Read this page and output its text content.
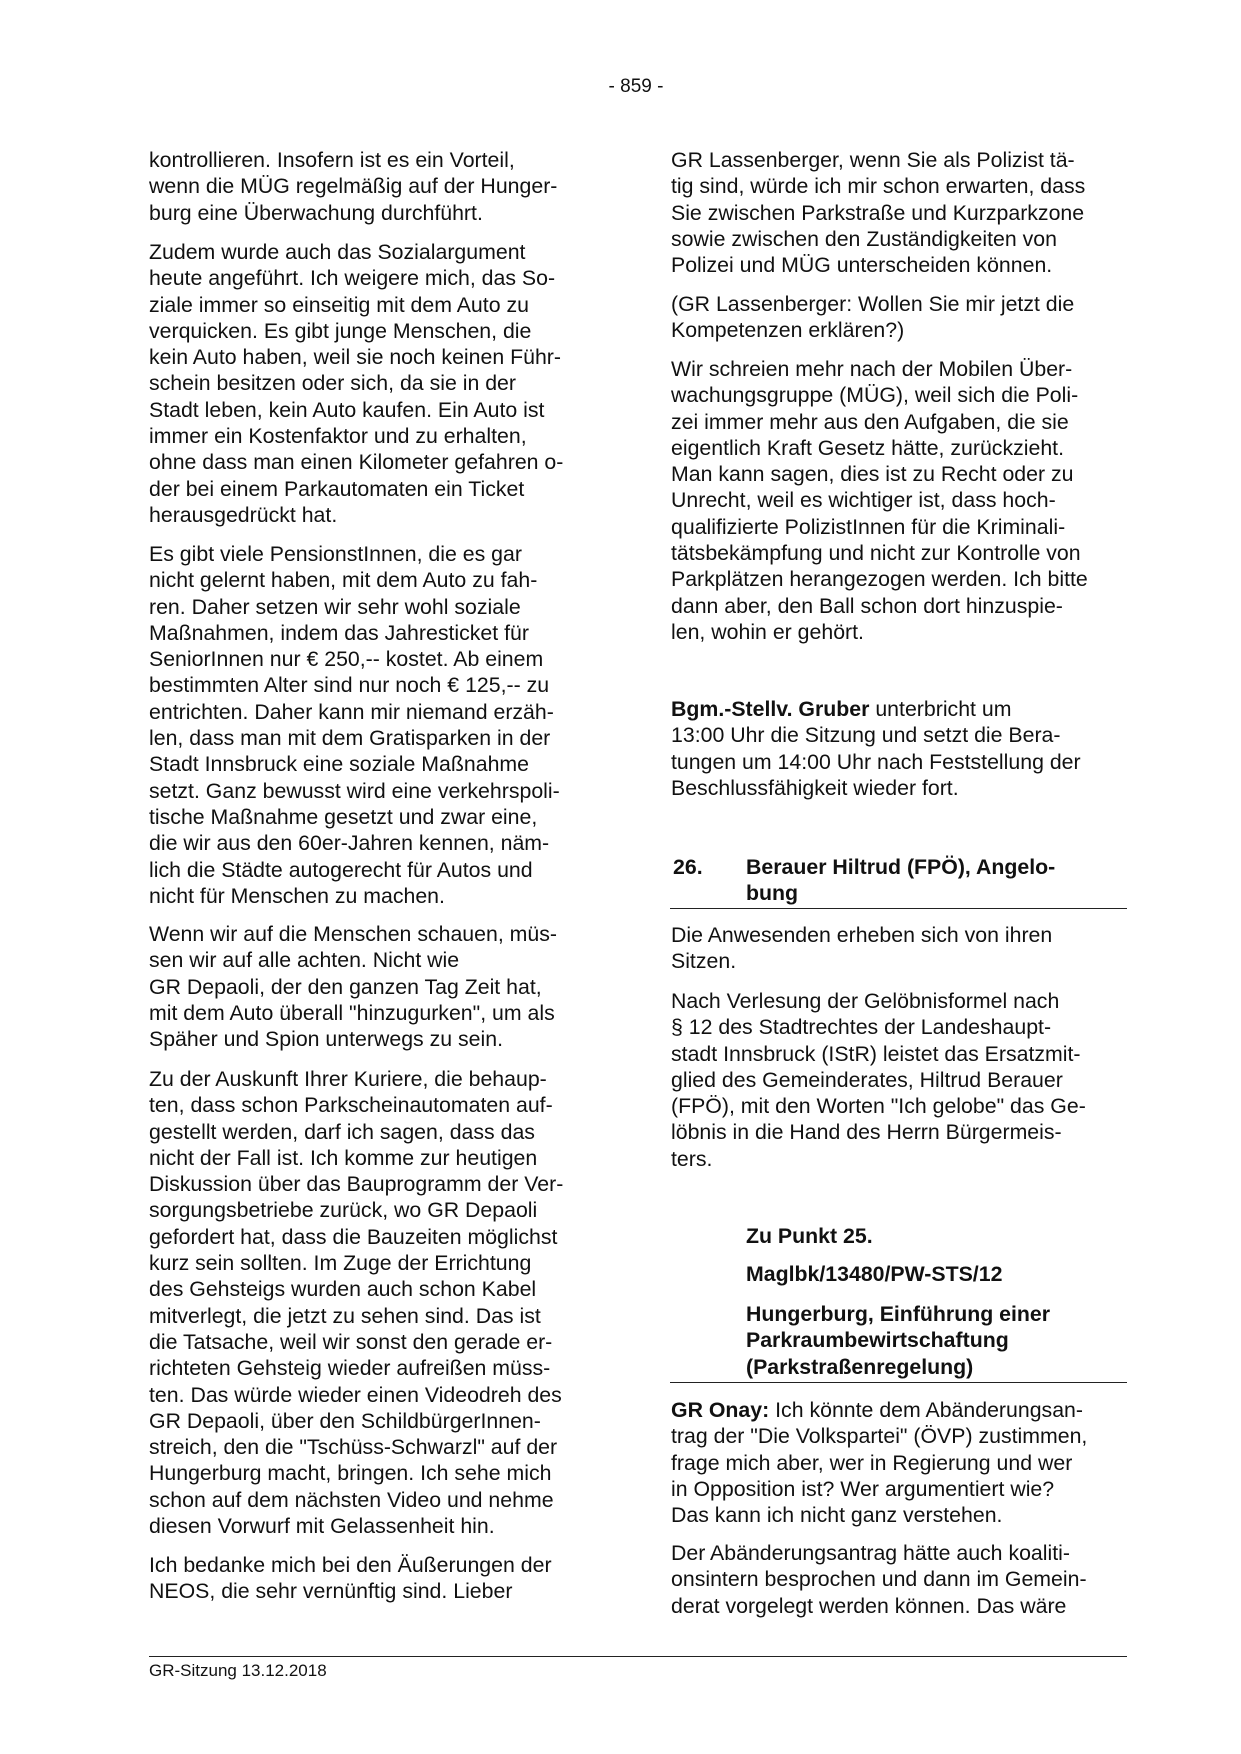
- 859 -
kontrollieren. Insofern ist es ein Vorteil,
wenn die MÜG regelmäßig auf der Hunger-
burg eine Überwachung durchführt.
Zudem wurde auch das Sozialargument
heute angeführt. Ich weigere mich, das So-
ziale immer so einseitig mit dem Auto zu
verquicken. Es gibt junge Menschen, die
kein Auto haben, weil sie noch keinen Führ-
schein besitzen oder sich, da sie in der
Stadt leben, kein Auto kaufen. Ein Auto ist
immer ein Kostenfaktor und zu erhalten,
ohne dass man einen Kilometer gefahren o-
der bei einem Parkautomaten ein Ticket
herausgedrückt hat.
Es gibt viele PensionstInnen, die es gar
nicht gelernt haben, mit dem Auto zu fah-
ren. Daher setzen wir sehr wohl soziale
Maßnahmen, indem das Jahresticket für
SeniorInnen nur € 250,-- kostet. Ab einem
bestimmten Alter sind nur noch € 125,-- zu
entrichten. Daher kann mir niemand erzäh-
len, dass man mit dem Gratisparken in der
Stadt Innsbruck eine soziale Maßnahme
setzt. Ganz bewusst wird eine verkehrspoli-
tische Maßnahme gesetzt und zwar eine,
die wir aus den 60er-Jahren kennen, näm-
lich die Städte autogerecht für Autos und
nicht für Menschen zu machen.
Wenn wir auf die Menschen schauen, müs-
sen wir auf alle achten. Nicht wie
GR Depaoli, der den ganzen Tag Zeit hat,
mit dem Auto überall "hinzugurken", um als
Späher und Spion unterwegs zu sein.
Zu der Auskunft Ihrer Kuriere, die behaup-
ten, dass schon Parkscheinautomaten auf-
gestellt werden, darf ich sagen, dass das
nicht der Fall ist. Ich komme zur heutigen
Diskussion über das Bauprogramm der Ver-
sorgungsbetriebe zurück, wo GR Depaoli
gefordert hat, dass die Bauzeiten möglichst
kurz sein sollten. Im Zuge der Errichtung
des Gehsteigs wurden auch schon Kabel
mitverlegt, die jetzt zu sehen sind. Das ist
die Tatsache, weil wir sonst den gerade er-
richteten Gehsteig wieder aufreißen müss-
ten. Das würde wieder einen Videodreh des
GR Depaoli, über den SchildbürgerInnen-
streich, den die "Tschüss-Schwarzl" auf der
Hungerburg macht, bringen. Ich sehe mich
schon auf dem nächsten Video und nehme
diesen Vorwurf mit Gelassenheit hin.
Ich bedanke mich bei den Äußerungen der
NEOS, die sehr vernünftig sind. Lieber
GR Lassenberger, wenn Sie als Polizist tä-
tig sind, würde ich mir schon erwarten, dass
Sie zwischen Parkstraße und Kurzparkzone
sowie zwischen den Zuständigkeiten von
Polizei und MÜG unterscheiden können.
(GR Lassenberger: Wollen Sie mir jetzt die
Kompetenzen erklären?)
Wir schreien mehr nach der Mobilen Über-
wachungsgruppe (MÜG), weil sich die Poli-
zei immer mehr aus den Aufgaben, die sie
eigentlich Kraft Gesetz hätte, zurückzieht.
Man kann sagen, dies ist zu Recht oder zu
Unrecht, weil es wichtiger ist, dass hoch-
qualifizierte PolizistInnen für die Kriminali-
tätsbekämpfung und nicht zur Kontrolle von
Parkplätzen herangezogen werden. Ich bitte
dann aber, den Ball schon dort hinzuspie-
len, wohin er gehört.
Bgm.-Stellv. Gruber unterbricht um
13:00 Uhr die Sitzung und setzt die Bera-
tungen um 14:00 Uhr nach Feststellung der
Beschlussfähigkeit wieder fort.
26. Berauer Hiltrud (FPÖ), Angelo-
bung
Die Anwesenden erheben sich von ihren
Sitzen.
Nach Verlesung der Gelöbnisformel nach
§ 12 des Stadtrechtes der Landeshaupt-
stadt Innsbruck (IStR) leistet das Ersatzmit-
glied des Gemeinderates, Hiltrud Berauer
(FPÖ), mit den Worten "Ich gelobe" das Ge-
löbnis in die Hand des Herrn Bürgermeis-
ters.
Zu Punkt 25.
Maglbk/13480/PW-STS/12
Hungerburg, Einführung einer
Parkraumbewirtschaftung
(Parkstraßenregelung)
GR Onay: Ich könnte dem Abänderungsan-
trag der "Die Volkspartei" (ÖVP) zustimmen,
frage mich aber, wer in Regierung und wer
in Opposition ist? Wer argumentiert wie?
Das kann ich nicht ganz verstehen.
Der Abänderungsantrag hätte auch koaliti-
onsintern besprochen und dann im Gemein-
derat vorgelegt werden können. Das wäre
GR-Sitzung 13.12.2018
